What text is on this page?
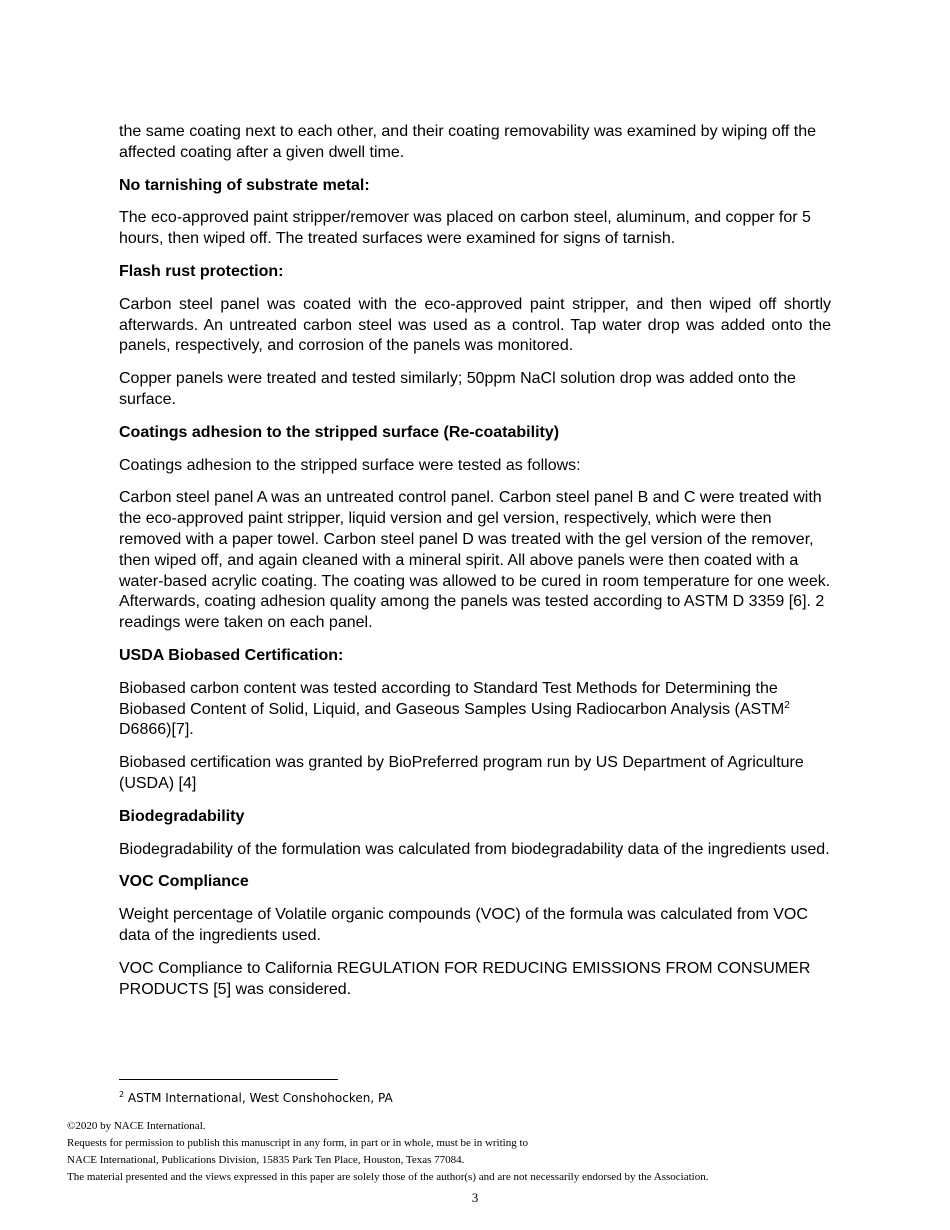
the same coating next to each other, and their coating removability was examined by wiping off the affected coating after a given dwell time.

No tarnishing of substrate metal:

The eco-approved paint stripper/remover was placed on carbon steel, aluminum, and copper for 5 hours, then wiped off. The treated surfaces were examined for signs of tarnish.

Flash rust protection:

Carbon steel panel was coated with the eco-approved paint stripper, and then wiped off shortly afterwards. An untreated carbon steel was used as a control. Tap water drop was added onto the panels, respectively, and corrosion of the panels was monitored.

Copper panels were treated and tested similarly; 50ppm NaCl solution drop was added onto the surface.

Coatings adhesion to the stripped surface (Re-coatability)

Coatings adhesion to the stripped surface were tested as follows:

Carbon steel panel A was an untreated control panel. Carbon steel panel B and C were treated with the eco-approved paint stripper, liquid version and gel version, respectively, which were then removed with a paper towel. Carbon steel panel D was treated with the gel version of the remover, then wiped off, and again cleaned with a mineral spirit. All above panels were then coated with a water-based acrylic coating. The coating was allowed to be cured in room temperature for one week. Afterwards, coating adhesion quality among the panels was tested according to ASTM D 3359 [6]. 2 readings were taken on each panel.

USDA Biobased Certification:

Biobased carbon content was tested according to Standard Test Methods for Determining the Biobased Content of Solid, Liquid, and Gaseous Samples Using Radiocarbon Analysis (ASTM$^2$ D6866)[7].

Biobased certification was granted by BioPreferred program run by US Department of Agriculture (USDA) [4]

Biodegradability

Biodegradability of the formulation was calculated from biodegradability data of the ingredients used.

VOC Compliance

Weight percentage of Volatile organic compounds (VOC) of the formula was calculated from VOC data of the ingredients used.

VOC Compliance to California REGULATION FOR REDUCING EMISSIONS FROM CONSUMER PRODUCTS [5] was considered.

$^2$ ASTM International, West Conshohocken, PA
©2020 by NACE International.
Requests for permission to publish this manuscript in any form, in part or in whole, must be in writing to
NACE International, Publications Division, 15835 Park Ten Place, Houston, Texas 77084.
The material presented and the views expressed in this paper are solely those of the author(s) and are not necessarily endorsed by the Association.
3
